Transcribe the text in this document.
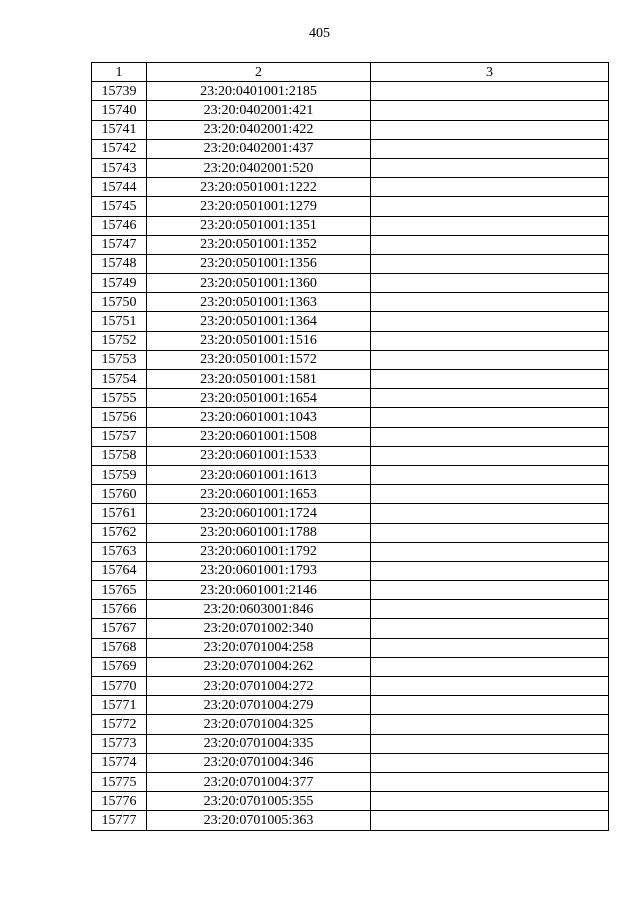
405
1	2	3
15739	23:20:0401001:2185	
15740	23:20:0402001:421	
15741	23:20:0402001:422	
15742	23:20:0402001:437	
15743	23:20:0402001:520	
15744	23:20:0501001:1222	
15745	23:20:0501001:1279	
15746	23:20:0501001:1351	
15747	23:20:0501001:1352	
15748	23:20:0501001:1356	
15749	23:20:0501001:1360	
15750	23:20:0501001:1363	
15751	23:20:0501001:1364	
15752	23:20:0501001:1516	
15753	23:20:0501001:1572	
15754	23:20:0501001:1581	
15755	23:20:0501001:1654	
15756	23:20:0601001:1043	
15757	23:20:0601001:1508	
15758	23:20:0601001:1533	
15759	23:20:0601001:1613	
15760	23:20:0601001:1653	
15761	23:20:0601001:1724	
15762	23:20:0601001:1788	
15763	23:20:0601001:1792	
15764	23:20:0601001:1793	
15765	23:20:0601001:2146	
15766	23:20:0603001:846	
15767	23:20:0701002:340	
15768	23:20:0701004:258	
15769	23:20:0701004:262	
15770	23:20:0701004:272	
15771	23:20:0701004:279	
15772	23:20:0701004:325	
15773	23:20:0701004:335	
15774	23:20:0701004:346	
15775	23:20:0701004:377	
15776	23:20:0701005:355	
15777	23:20:0701005:363	
